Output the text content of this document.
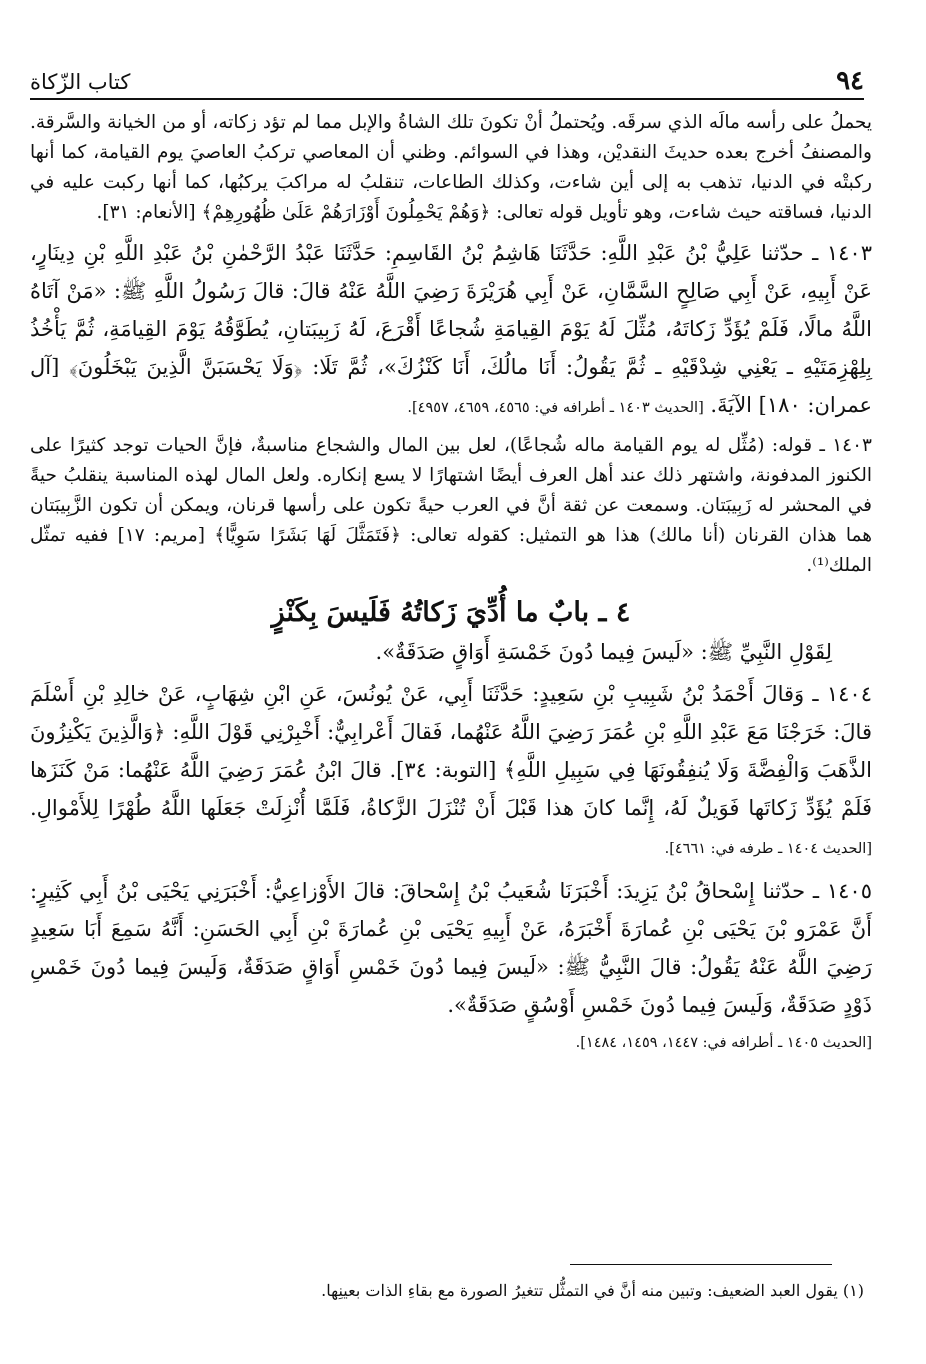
كتاب الزّكاة	٩٤

يحملُ على رأسه مالَه الذي سرقَه. ويُحتملُ أنْ تكونَ تلك الشاةُ والإبل مما لم تؤد زكاته، أو من الخيانة والسَّرقة. والمصنفُ أخرج بعده حديثَ النقديْن، وهذا في السوائم. وظني أن المعاصي تركبُ العاصيَ يوم القيامة، كما أنها ركبتْه في الدنيا، تذهب به إلى أين شاءت، وكذلك الطاعات، تنقلبُ له مراكبَ يركبُها، كما أنها ركبت عليه في الدنيا، فساقته حيث شاءت، وهو تأويل قوله تعالى: ﴿وَهُمْ يَحْمِلُونَ أَوْزَارَهُمْ عَلَىٰ ظُهُورِهِمْ﴾ [الأنعام: ٣١].

١٤٠٣ ـ حدّثنا عَلِيُّ بْنُ عَبْدِ اللَّهِ: حَدَّثَنَا هَاشِمُ بْنُ القَاسِمِ: حَدَّثَنَا عَبْدُ الرَّحْمٰنِ بْنُ عَبْدِ اللَّهِ بْنِ دِينَارٍ، عَنْ أَبِيهِ، عَنْ أَبِي صَالِحٍ السَّمَّانِ، عَنْ أَبِي هُرَيْرَةَ رَضِيَ اللَّهُ عَنْهُ قالَ: قالَ رَسُولُ اللَّهِ ﷺ: «مَنْ آتَاهُ اللَّهُ مالًا، فَلَمْ يُؤَدِّ زَكاتَهُ، مُثِّلَ لَهُ يَوْمَ القِيامَةِ شُجاعًا أَقْرَعَ، لَهُ زَبِيبَتانِ، يُطَوَّقُهُ يَوْمَ القِيامَةِ، ثُمَّ يَأْخُذُ بِلِهْزِمَتَيْهِ ـ يَعْنِي شِدْقَيْهِ ـ ثُمَّ يَقُولُ: أَنَا مالُكَ، أَنَا كَنْزُكَ»، ثُمَّ تَلَا: ﴿وَلَا يَحْسَبَنَّ الَّذِينَ يَبْخَلُونَ﴾ [آل عمران: ١٨٠] الآيَةَ. [الحديث ١٤٠٣ ـ أطرافه في: ٤٥٦٥، ٤٦٥٩، ٤٩٥٧].

١٤٠٣ ـ قوله: (مُثِّل له يوم القيامة ماله شُجاعًا)، لعل بين المال والشجاع مناسبةٌ، فإنَّ الحيات توجد كثيرًا على الكنوز المدفونة، واشتهر ذلك عند أهل العرف أيضًا اشتهارًا لا يسع إنكاره. ولعل المال لهذه المناسبة ينقلبُ حيةً في المحشر له زَبِيبَتان. وسمعت عن ثقة أنَّ في العرب حيةً تكون على رأسها قرنان، ويمكن أن تكون الزَّبِيبَتان هما هذان القرنان (أنا مالك) هذا هو التمثيل: كقوله تعالى: ﴿فَتَمَثَّلَ لَهَا بَشَرًا سَوِيًّا﴾ [مريم: ١٧] ففيه تمثّل الملك⁽¹⁾.

٤ ـ بابٌ ما أُدِّيَ زَكاتُهُ فَلَيسَ بِكَنْزٍ

لِقَوْلِ النَّبِيِّ ﷺ: «لَيسَ فِيما دُونَ خَمْسَةِ أَوَاقٍ صَدَقَةٌ».

١٤٠٤ ـ وَقالَ أَحْمَدُ بْنُ شَبِيبِ بْنِ سَعِيدٍ: حَدَّثَنَا أَبِي، عَنْ يُونُسَ، عَنِ ابْنِ شِهَابٍ، عَنْ خالِدِ بْنِ أَسْلَمَ قالَ: خَرَجْنَا مَعَ عَبْدِ اللَّهِ بْنِ عُمَرَ رَضِيَ اللَّهُ عَنْهُما، فَقالَ أَعْرابِيٌّ: أَخْبِرْنِي قَوْلَ اللَّهِ: ﴿وَالَّذِينَ يَكْنِزُونَ الذَّهَبَ وَالْفِضَّةَ وَلَا يُنفِقُونَهَا فِي سَبِيلِ اللَّهِ﴾ [التوبة: ٣٤]. قالَ ابْنُ عُمَرَ رَضِيَ اللَّهُ عَنْهُما: مَنْ كَنَزَها فَلَمْ يُؤَدِّ زَكاتَها فَوَيلٌ لَهُ، إِنَّما كانَ هذا قَبْلَ أَنْ تُنْزَلَ الزَّكاةُ، فَلَمَّا أُنْزِلَتْ جَعَلَها اللَّهُ طُهْرًا لِلأَمْوالِ. [الحديث ١٤٠٤ ـ طرفه في: ٤٦٦١].

١٤٠٥ ـ حدّثنا إِسْحاقُ بْنُ يَزِيدَ: أَخْبَرَنَا شُعَيبُ بْنُ إِسْحاقَ: قالَ الأَوْزاعِيُّ: أَخْبَرَنِي يَحْيَى بْنُ أَبِي كَثِيرٍ: أَنَّ عَمْرَو بْنَ يَحْيَى بْنِ عُمارَةَ أَخْبَرَهُ، عَنْ أَبِيهِ يَحْيَى بْنِ عُمارَةَ بْنِ أَبِي الحَسَنِ: أَنَّهُ سَمِعَ أَبَا سَعِيدٍ رَضِيَ اللَّهُ عَنْهُ يَقُولُ: قالَ النَّبِيُّ ﷺ: «لَيسَ فِيما دُونَ خَمْسِ أَوَاقٍ صَدَقَةٌ، وَلَيسَ فِيما دُونَ خَمْسِ ذَوْدٍ صَدَقَةٌ، وَلَيسَ فِيما دُونَ خَمْسِ أَوْسُقٍ صَدَقَةٌ».

[الحديث ١٤٠٥ ـ أطرافه في: ١٤٤٧، ١٤٥٩، ١٤٨٤].

(١) يقول العبد الضعيف: وتبين منه أنَّ في التمثُّل تتغيرُ الصورة مع بقاءِ الذات بعينِها.
